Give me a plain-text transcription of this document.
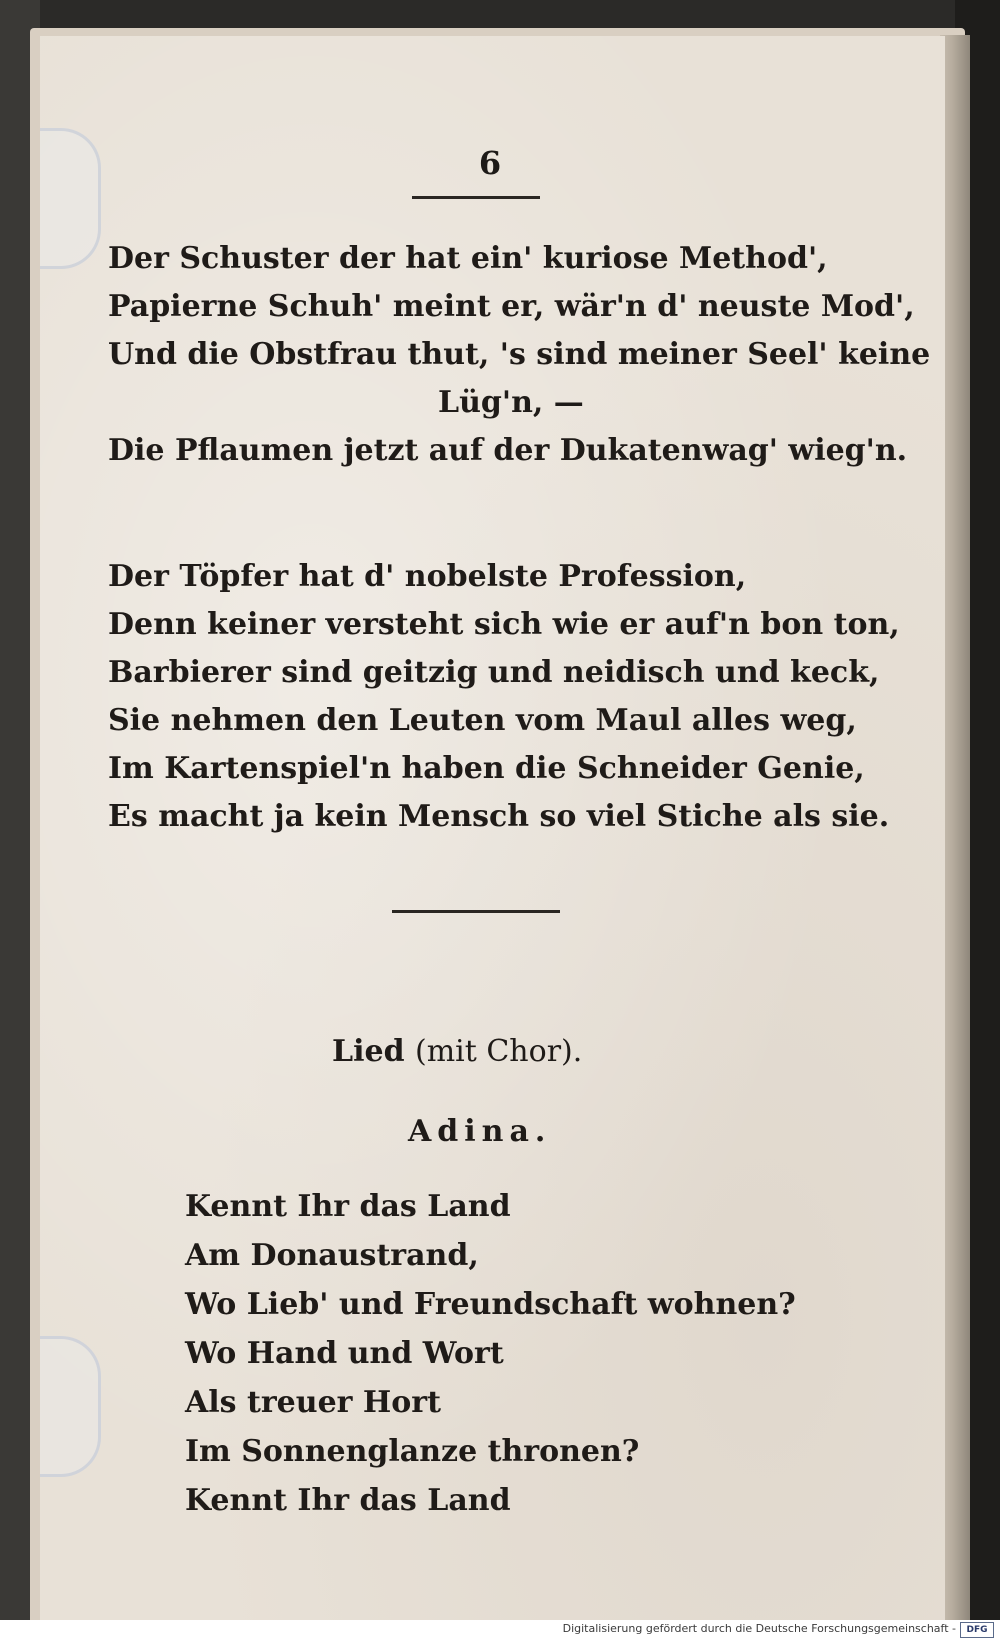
6
Der Schuster der hat ein' kuriose Method',
Papierne Schuh' meint er, wär'n d' neuste Mod',
Und die Obstfrau thut, 's sind meiner Seel' keine
Lüg'n, —
Die Pflaumen jetzt auf der Dukatenwag' wieg'n.
Der Töpfer hat d' nobelste Profession,
Denn keiner versteht sich wie er auf'n bon ton,
Barbierer sind geitzig und neidisch und keck,
Sie nehmen den Leuten vom Maul alles weg,
Im Kartenspiel'n haben die Schneider Genie,
Es macht ja kein Mensch so viel Stiche als sie.
Lied (mit Chor).
Adina.
Kennt Ihr das Land
Am Donaustrand,
Wo Lieb' und Freundschaft wohnen?
Wo Hand und Wort
Als treuer Hort
Im Sonnenglanze thronen?
Kennt Ihr das Land
Digitalisierung gefördert durch die Deutsche Forschungsgemeinschaft -	DFG
